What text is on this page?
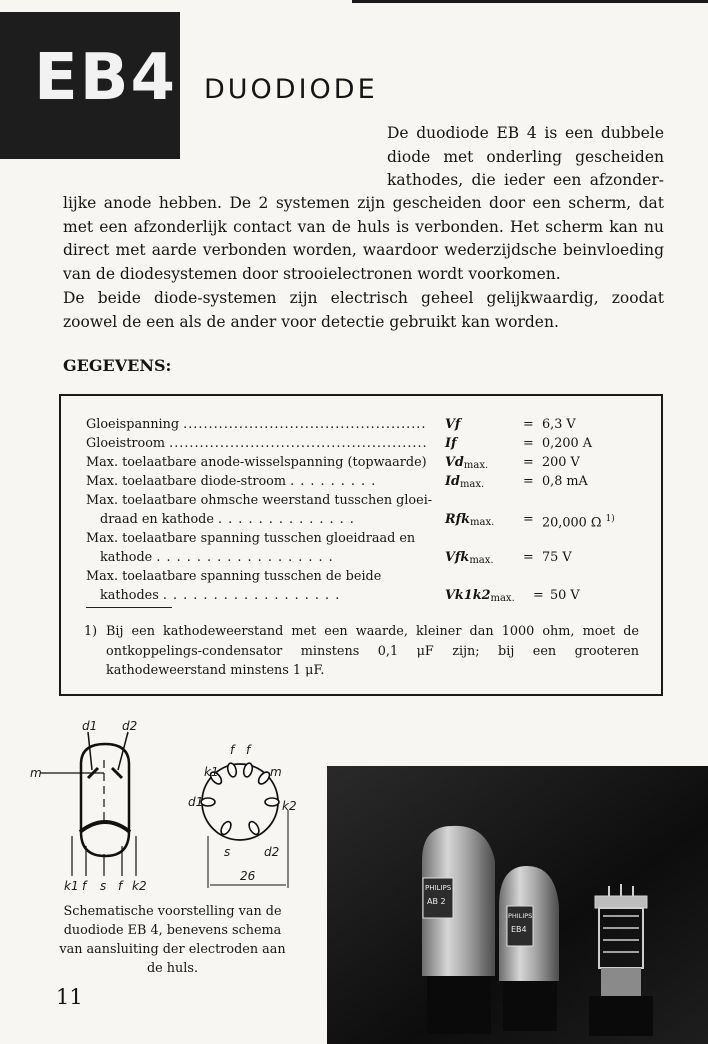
EB4 DUODIODE
De duodiode EB 4 is een dubbele
diode met onderling gescheiden
kathodes, die ieder een afzonder-
lijke anode hebben. De 2 systemen zijn gescheiden door een scherm, dat met een afzonderlijk contact van de huls is verbonden. Het scherm kan nu direct met aarde verbonden worden, waardoor wederzijdsche beinvloeding van de diodesystemen door strooielectronen wordt voorkomen.
De beide diode-systemen zijn electrisch geheel gelijkwaardig, zoodat zoowel de een als de ander voor detectie gebruikt kan worden.
GEGEVENS:
Gloeispanning ................................................	Vf	= 6,3 V
Gloeistroom ...................................................	If	= 0,200 A
Max. toelaatbare anode-wisselspanning (topwaarde)	$Vd_{max.}$	= 200 V
Max. toelaatbare diode-stroom . . . . . . . . .	$Id_{max.}$	= 0,8 mA
Max. toelaatbare ohmsche weerstand tusschen gloei-
draad en kathode . . . . . . . . . . . . . .	Rfk$_{max.}$ = 20,000 Ω $^{1)}$
Max. toelaatbare spanning tusschen gloeidraad en
kathode . . . . . . . . . . . . . . . . . .	Vfk$_{max.}$ = 75 V
Max. toelaatbare spanning tusschen de beide
kathodes . . . . . . . . . . . . . . . . . .	$Vk1k2_{max.} = 50$ V
1) Bij een kathodeweerstand met een waarde, kleiner dan 1000 ohm, moet de ontkoppelings-condensator minstens 0,1 μF zijn; bij een grooteren kathodeweerstand minstens 1 μF.
d1 d2
m
k1 f s f k2
f f
k1	m
d1	k2
s	d2
26
Schematische voorstelling van de duodiode EB 4, benevens schema van aansluiting der electroden aan de huls.
11
PHILIPS
AB 2
PHILIPS
EB4
